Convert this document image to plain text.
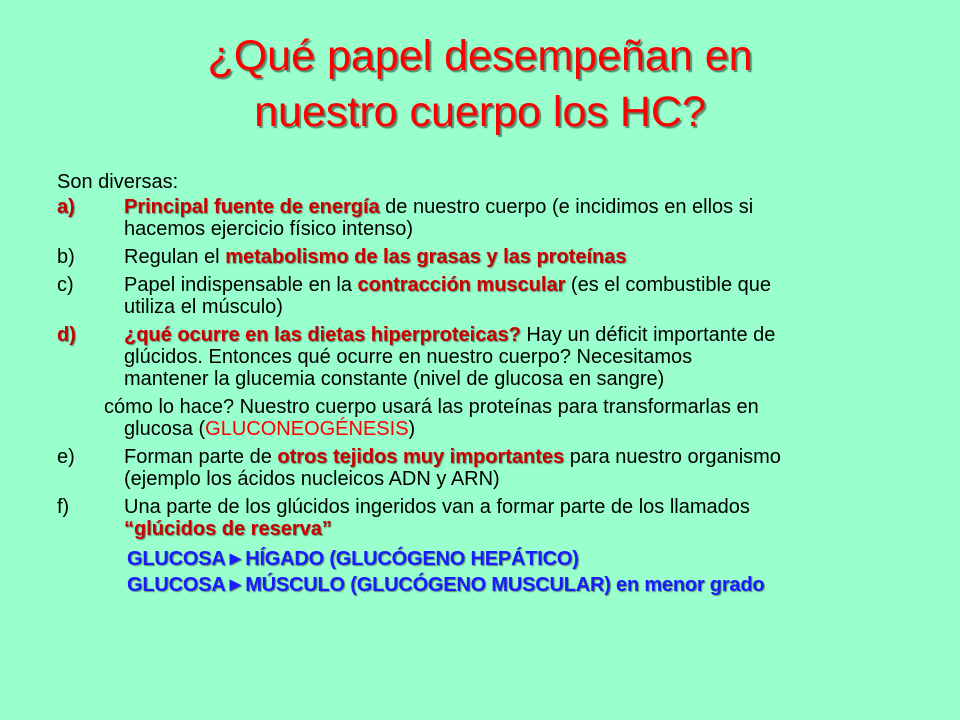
¿Qué papel desempeñan en
nuestro cuerpo los HC?
Son diversas:
a) Principal fuente de energía de nuestro cuerpo (e incidimos en ellos si
hacemos ejercicio físico intenso)
b) Regulan el metabolismo de las grasas y las proteínas
c)	Papel indispensable en la contracción muscular (es el combustible que
utiliza el músculo)
d) ¿qué ocurre en las dietas hiperproteicas? Hay un déficit importante de
glúcidos. Entonces qué ocurre en nuestro cuerpo? Necesitamos
mantener la glucemia constante (nivel de glucosa en sangre)
cómo lo hace? Nuestro cuerpo usará las proteínas para transformarlas en
glucosa (GLUCONEOGÉNESIS)
e) Forman parte de otros tejidos muy importantes para nuestro organismo
(ejemplo los ácidos nucleicos ADN y ARN)
f)	Una parte de los glúcidos ingeridos van a formar parte de los llamados
“glúcidos de reserva”
GLUCOSA►HÍGADO (GLUCÓGENO HEPÁTICO)
GLUCOSA►MÚSCULO (GLUCÓGENO MUSCULAR) en menor grado
